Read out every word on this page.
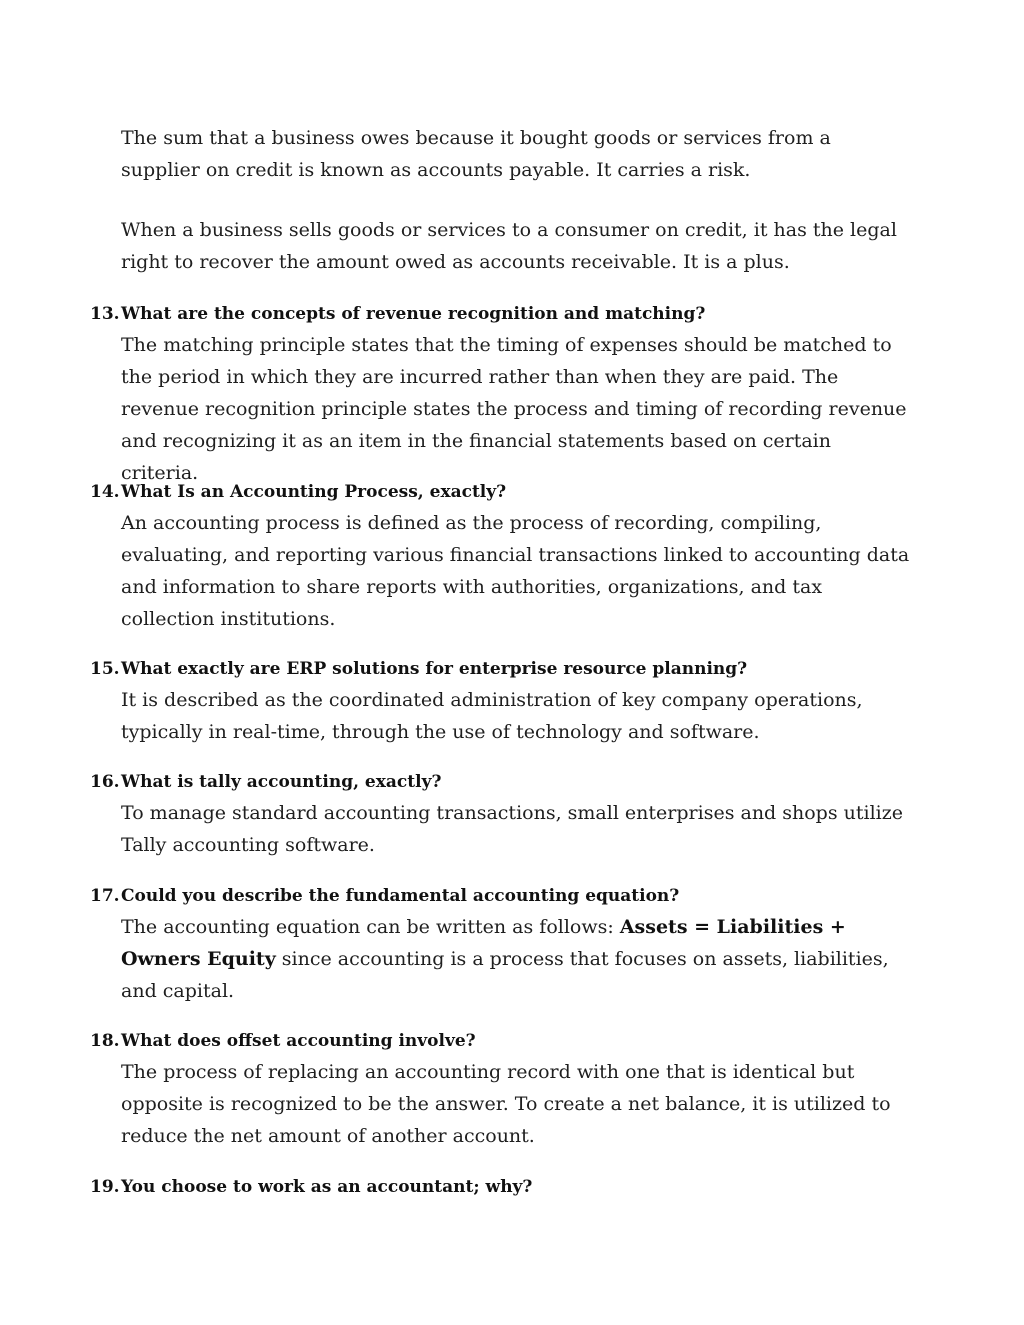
The sum that a business owes because it bought goods or services from a supplier on credit is known as accounts payable. It carries a risk.

When a business sells goods or services to a consumer on credit, it has the legal right to recover the amount owed as accounts receivable. It is a plus.

13.What are the concepts of revenue recognition and matching?

The matching principle states that the timing of expenses should be matched to the period in which they are incurred rather than when they are paid. The revenue recognition principle states the process and timing of recording revenue and recognizing it as an item in the financial statements based on certain criteria.

14.What Is an Accounting Process, exactly?

An accounting process is defined as the process of recording, compiling, evaluating, and reporting various financial transactions linked to accounting data and information to share reports with authorities, organizations, and tax collection institutions.

15.What exactly are ERP solutions for enterprise resource planning?

It is described as the coordinated administration of key company operations, typically in real-time, through the use of technology and software.

16.What is tally accounting, exactly?

To manage standard accounting transactions, small enterprises and shops utilize Tally accounting software.

17.Could you describe the fundamental accounting equation?

The accounting equation can be written as follows: Assets = Liabilities + Owners Equity since accounting is a process that focuses on assets, liabilities, and capital.

18.What does offset accounting involve?

The process of replacing an accounting record with one that is identical but opposite is recognized to be the answer. To create a net balance, it is utilized to reduce the net amount of another account.

19.You choose to work as an accountant; why?
